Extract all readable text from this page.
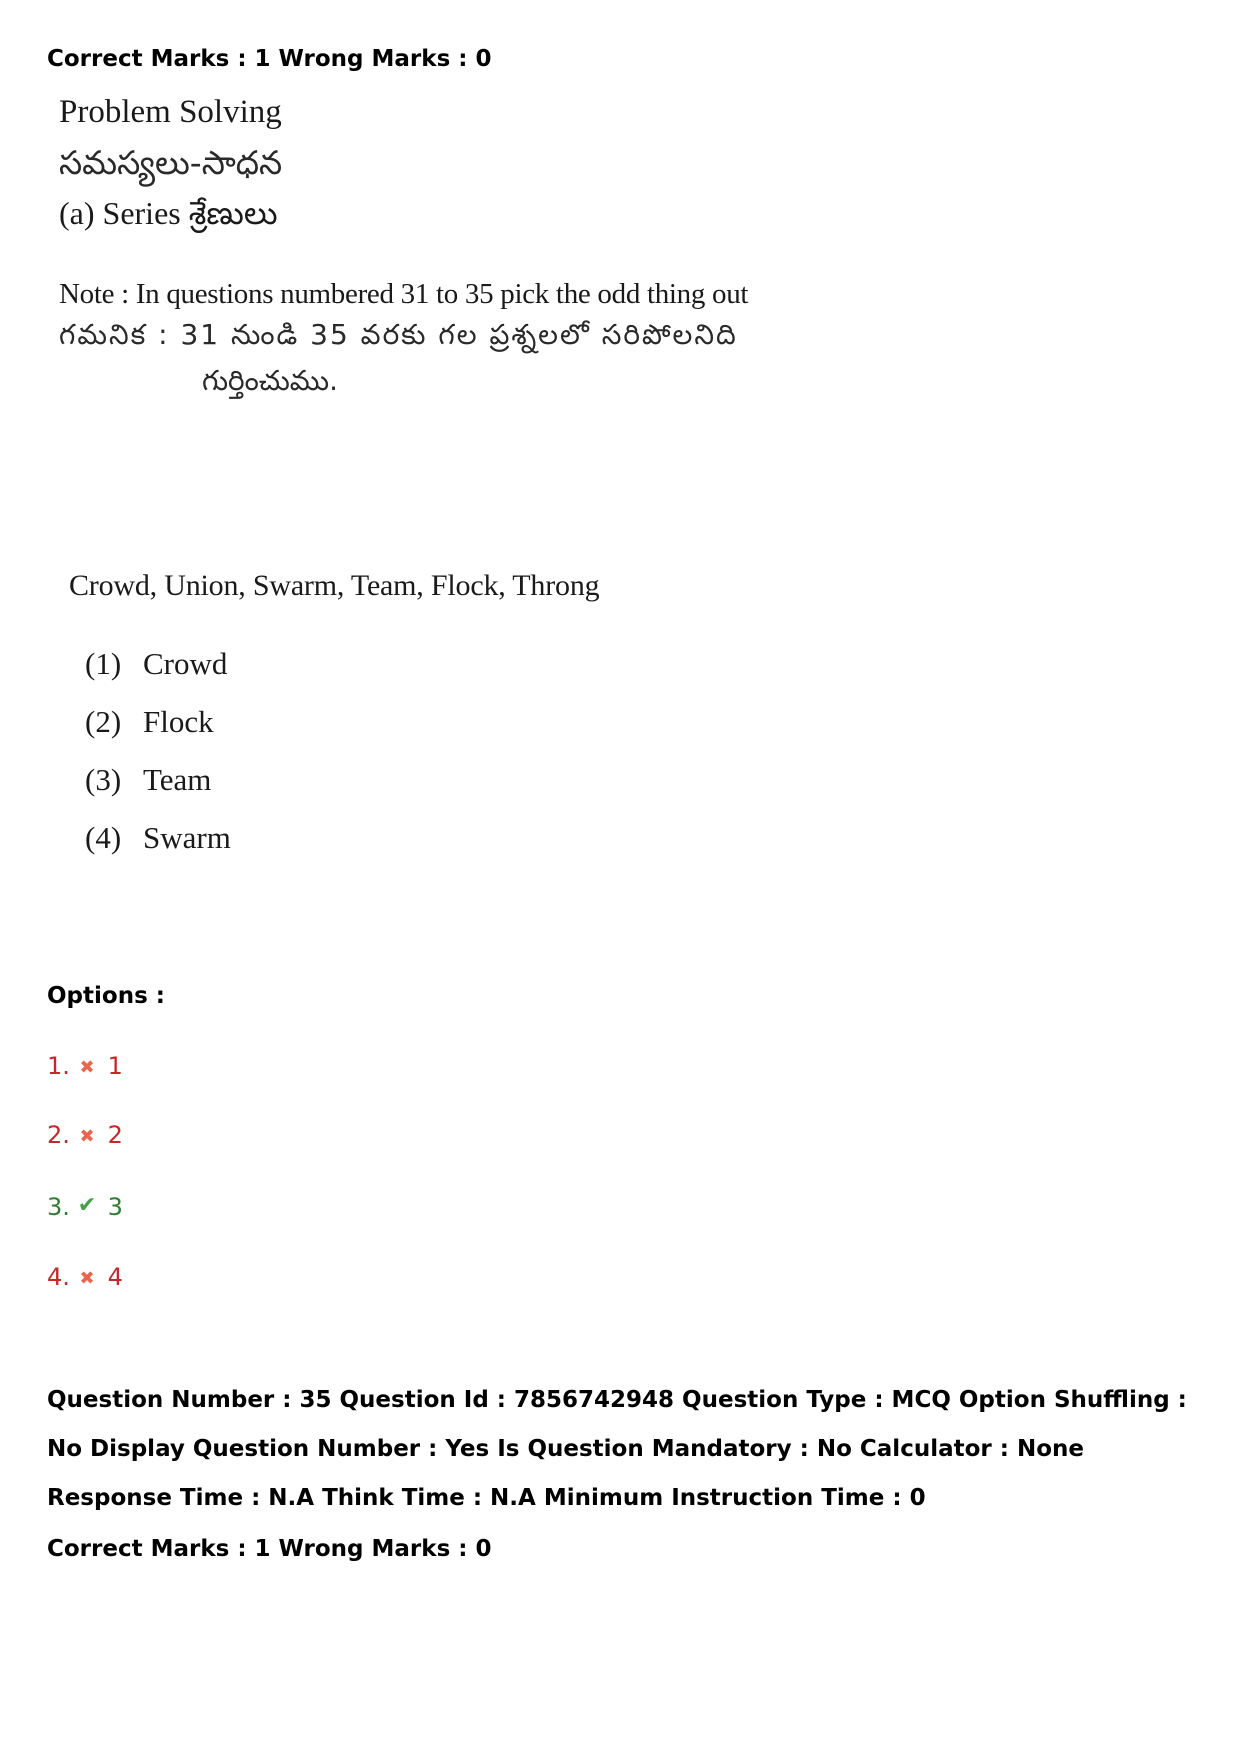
Correct Marks : 1 Wrong Marks : 0
Problem Solving
సమస్యలు-సాధన
(a) Series శ్రేణులు
Note : In questions numbered 31 to 35 pick the odd thing out
గమనిక : 31 నుండి 35 వరకు గల ప్రశ్నలలో సరిపోలనిది
గుర్తించుము.
Crowd, Union, Swarm, Team, Flock, Throng
(1) Crowd
(2) Flock
(3) Team
(4) Swarm
Options :
1. ✖ 1
2. ✖ 2
3. ✔ 3
4. ✖ 4
Question Number : 35 Question Id : 7856742948 Question Type : MCQ Option Shuffling : No Display Question Number : Yes Is Question Mandatory : No Calculator : None Response Time : N.A Think Time : N.A Minimum Instruction Time : 0
Correct Marks : 1 Wrong Marks : 0
